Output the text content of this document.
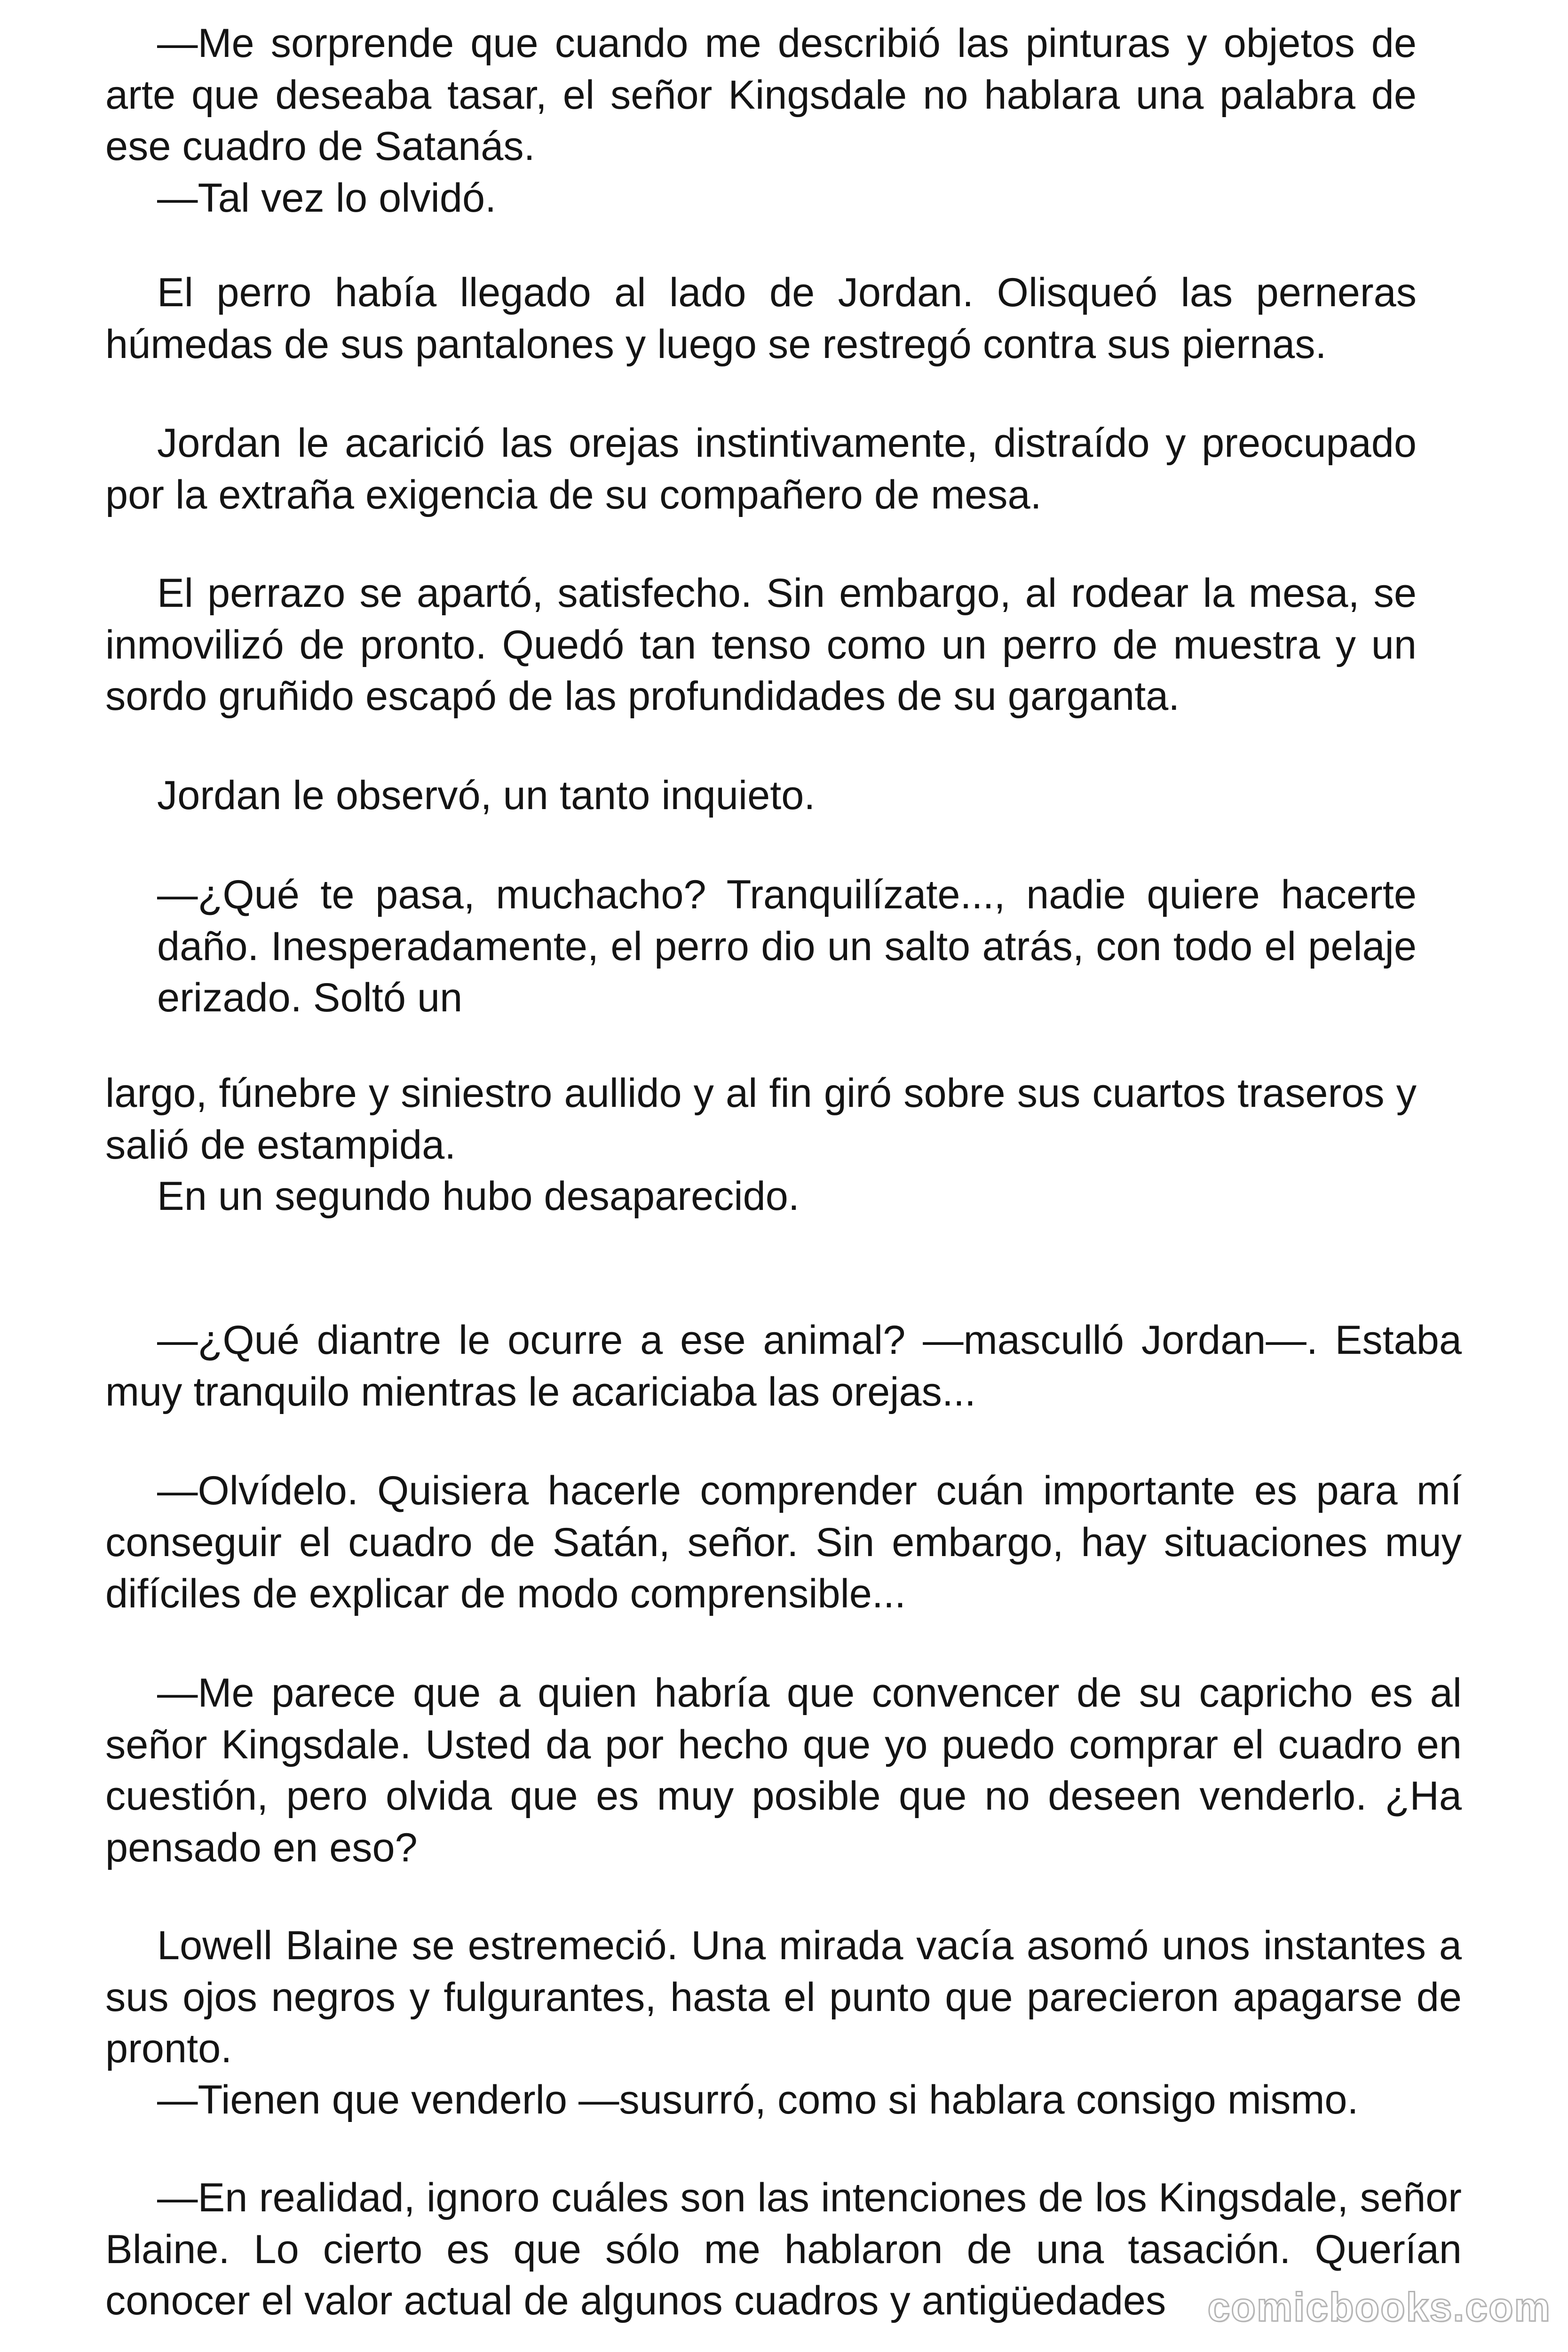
—Me sorprende que cuando me describió las pinturas y objetos de arte que deseaba tasar, el señor Kingsdale no hablara una palabra de ese cuadro de Satanás.

—Tal vez lo olvidó.

El perro había llegado al lado de Jordan. Olisqueó las perneras húmedas de sus pantalones y luego se restregó contra sus piernas.

Jordan le acarició las orejas instintivamente, distraído y preocupado por la extraña exigencia de su compañero de mesa.

El perrazo se apartó, satisfecho. Sin embargo, al rodear la mesa, se inmovilizó de pronto. Quedó tan tenso como un perro de muestra y un sordo gruñido escapó de las profundidades de su garganta.

Jordan le observó, un tanto inquieto.

—¿Qué te pasa, muchacho? Tranquilízate..., nadie quiere hacerte daño. Inesperadamente, el perro dio un salto atrás, con todo el pelaje erizado. Soltó un

largo, fúnebre y siniestro aullido y al fin giró sobre sus cuartos traseros y salió de estampida.

En un segundo hubo desaparecido.

—¿Qué diantre le ocurre a ese animal? —masculló Jordan—. Estaba muy tranquilo mientras le acariciaba las orejas...

—Olvídelo. Quisiera hacerle comprender cuán importante es para mí conseguir el cuadro de Satán, señor. Sin embargo, hay situaciones muy difíciles de explicar de modo comprensible...

—Me parece que a quien habría que convencer de su capricho es al señor Kingsdale. Usted da por hecho que yo puedo comprar el cuadro en cuestión, pero olvida que es muy posible que no deseen venderlo. ¿Ha pensado en eso?

Lowell Blaine se estremeció. Una mirada vacía asomó unos instantes a sus ojos negros y fulgurantes, hasta el punto que parecieron apagarse de pronto.

—Tienen que venderlo —susurró, como si hablara consigo mismo.

—En realidad, ignoro cuáles son las intenciones de los Kingsdale, señor Blaine. Lo cierto es que sólo me hablaron de una tasación. Querían conocer el valor actual de algunos cuadros y antigüedades	comicbooks.com
